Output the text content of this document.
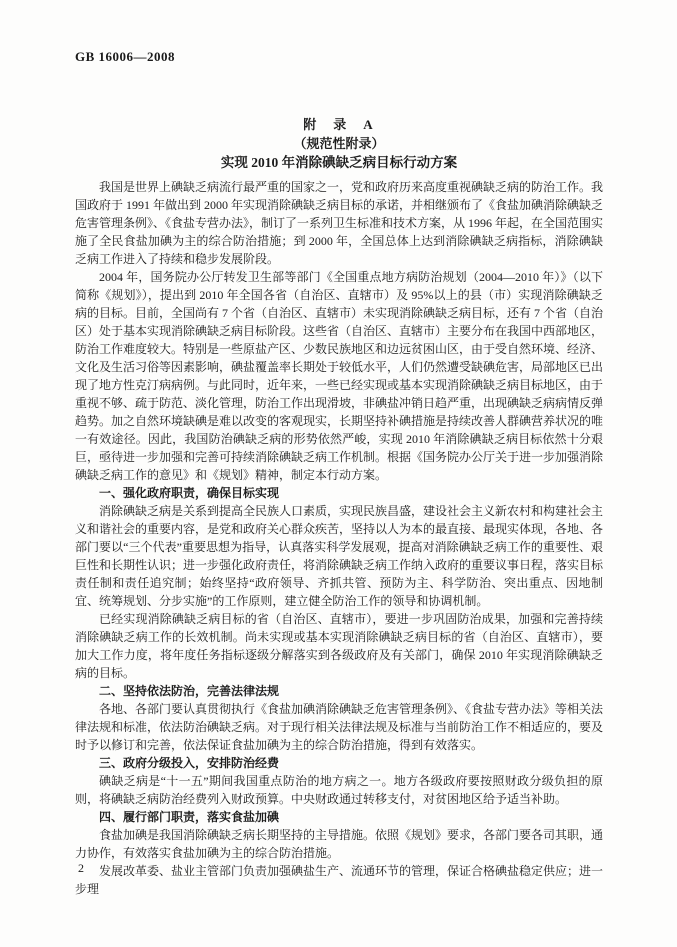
GB 16006—2008
附　录　A
（规范性附录）
实现 2010 年消除碘缺乏病目标行动方案

我国是世界上碘缺乏病流行最严重的国家之一，党和政府历来高度重视碘缺乏病的防治工作。我国政府于 1991 年做出到 2000 年实现消除碘缺乏病目标的承诺，并相继颁布了《食盐加碘消除碘缺乏危害管理条例》、《食盐专营办法》，制订了一系列卫生标准和技术方案，从 1996 年起，在全国范围实施了全民食盐加碘为主的综合防治措施；到 2000 年，全国总体上达到消除碘缺乏病指标，消除碘缺乏病工作进入了持续和稳步发展阶段。

2004 年，国务院办公厅转发卫生部等部门《全国重点地方病防治规划（2004—2010 年）》（以下简称《规划》），提出到 2010 年全国各省（自治区、直辖市）及 95%以上的县（市）实现消除碘缺乏病的目标。目前，全国尚有 7 个省（自治区、直辖市）未实现消除碘缺乏病目标，还有 7 个省（自治区）处于基本实现消除碘缺乏病目标阶段。这些省（自治区、直辖市）主要分布在我国中西部地区，防治工作难度较大。特别是一些原盐产区、少数民族地区和边远贫困山区，由于受自然环境、经济、文化及生活习俗等因素影响，碘盐覆盖率长期处于较低水平，人们仍然遭受缺碘危害，局部地区已出现了地方性克汀病病例。与此同时，近年来，一些已经实现或基本实现消除碘缺乏病目标地区，由于重视不够、疏于防范、淡化管理，防治工作出现滑坡，非碘盐冲销日趋严重，出现碘缺乏病病情反弹趋势。加之自然环境缺碘是难以改变的客观现实，长期坚持补碘措施是持续改善人群碘营养状况的唯一有效途径。因此，我国防治碘缺乏病的形势依然严峻，实现 2010 年消除碘缺乏病目标依然十分艰巨，亟待进一步加强和完善可持续消除碘缺乏病工作机制。根据《国务院办公厅关于进一步加强消除碘缺乏病工作的意见》和《规划》精神，制定本行动方案。

一、强化政府职责，确保目标实现

消除碘缺乏病是关系到提高全民族人口素质，实现民族昌盛，建设社会主义新农村和构建社会主义和谐社会的重要内容，是党和政府关心群众疾苦，坚持以人为本的最直接、最现实体现，各地、各部门要以“三个代表”重要思想为指导，认真落实科学发展观，提高对消除碘缺乏病工作的重要性、艰巨性和长期性认识；进一步强化政府责任，将消除碘缺乏病工作纳入政府的重要议事日程，落实目标责任制和责任追究制；始终坚持“政府领导、齐抓共管、预防为主、科学防治、突出重点、因地制宜、统筹规划、分步实施”的工作原则，建立健全防治工作的领导和协调机制。

已经实现消除碘缺乏病目标的省（自治区、直辖市），要进一步巩固防治成果，加强和完善持续消除碘缺乏病工作的长效机制。尚未实现或基本实现消除碘缺乏病目标的省（自治区、直辖市），要加大工作力度，将年度任务指标逐级分解落实到各级政府及有关部门，确保 2010 年实现消除碘缺乏病的目标。

二、坚持依法防治，完善法律法规

各地、各部门要认真贯彻执行《食盐加碘消除碘缺乏危害管理条例》、《食盐专营办法》等相关法律法规和标准，依法防治碘缺乏病。对于现行相关法律法规及标准与当前防治工作不相适应的，要及时予以修订和完善，依法保证食盐加碘为主的综合防治措施，得到有效落实。

三、政府分级投入，安排防治经费

碘缺乏病是“十一五”期间我国重点防治的地方病之一。地方各级政府要按照财政分级负担的原则，将碘缺乏病防治经费列入财政预算。中央财政通过转移支付，对贫困地区给予适当补助。

四、履行部门职责，落实食盐加碘

食盐加碘是我国消除碘缺乏病长期坚持的主导措施。依照《规划》要求，各部门要各司其职，通力协作，有效落实食盐加碘为主的综合防治措施。

发展改革委、盐业主管部门负责加强碘盐生产、流通环节的管理，保证合格碘盐稳定供应；进一步理

2
